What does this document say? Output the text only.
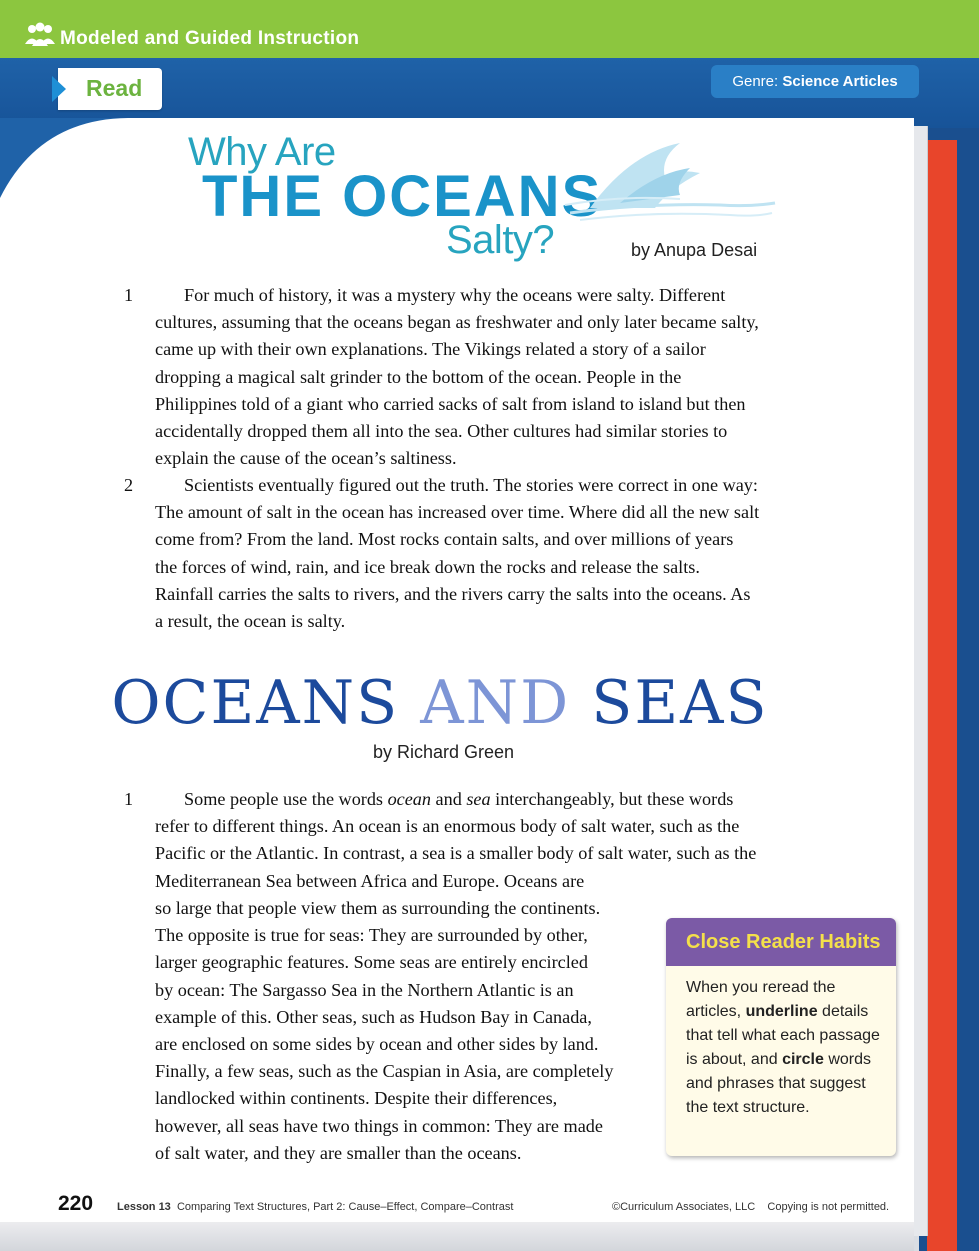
Modeled and Guided Instruction
Read	Genre: Science Articles
Why Are
THE OCEANS
Salty?	by Anupa Desai
1	For much of history, it was a mystery why the oceans were salty. Different cultures, assuming that the oceans began as freshwater and only later became salty, came up with their own explanations. The Vikings related a story of a sailor dropping a magical salt grinder to the bottom of the ocean. People in the Philippines told of a giant who carried sacks of salt from island to island but then accidentally dropped them all into the sea. Other cultures had similar stories to explain the cause of the ocean’s saltiness.
2	Scientists eventually figured out the truth. The stories were correct in one way: The amount of salt in the ocean has increased over time. Where did all the new salt come from? From the land. Most rocks contain salts, and over millions of years the forces of wind, rain, and ice break down the rocks and release the salts. Rainfall carries the salts to rivers, and the rivers carry the salts into the oceans. As a result, the ocean is salty.
OCEANS AND SEAS
by Richard Green
1	Some people use the words ocean and sea interchangeably, but these words refer to different things. An ocean is an enormous body of salt water, such as the Pacific or the Atlantic. In contrast, a sea is a smaller body of salt water, such as the Mediterranean Sea between Africa and Europe. Oceans are
so large that people view them as surrounding the continents.
The opposite is true for seas: They are surrounded by other,
larger geographic features. Some seas are entirely encircled
by ocean: The Sargasso Sea in the Northern Atlantic is an
example of this. Other seas, such as Hudson Bay in Canada,
are enclosed on some sides by ocean and other sides by land.
Finally, a few seas, such as the Caspian in Asia, are completely
landlocked within continents. Despite their differences,
however, all seas have two things in common: They are made
of salt water, and they are smaller than the oceans.
Close Reader Habits
When you reread the articles, underline details that tell what each passage is about, and circle words and phrases that suggest the text structure.
220 Lesson 13 Comparing Text Structures, Part 2: Cause–Effect, Compare–Contrast	©Curriculum Associates, LLC    Copying is not permitted.
